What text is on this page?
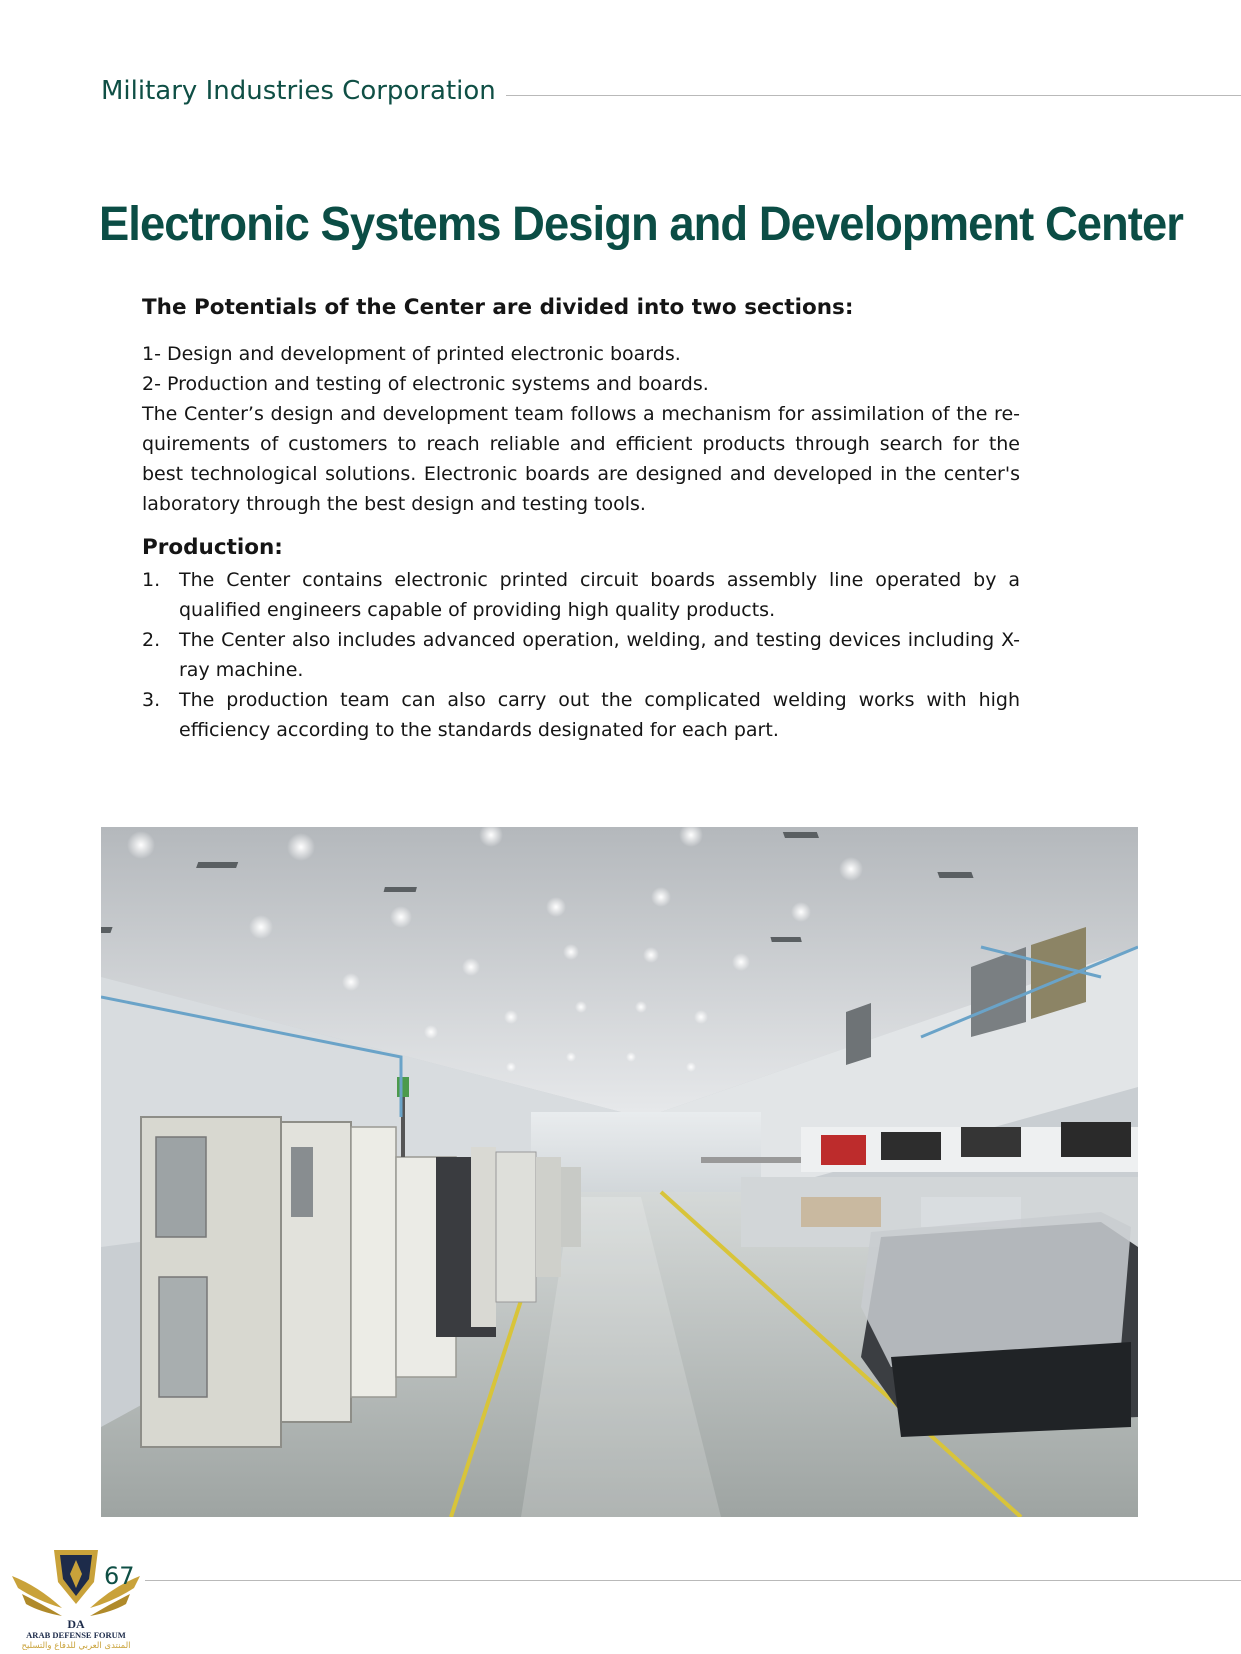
Military Industries Corporation
Electronic Systems Design and Development Center

The Potentials of the Center are divided into two sections:

1- Design and development of printed electronic boards.

2- Production and testing of electronic systems and boards.

The Center’s design and development team follows a mechanism for assimilation of the requirements of customers to reach reliable and efficient products through search for the best technological solutions. Electronic boards are designed and developed in the center's laboratory through the best design and testing tools.

Production:

1. The Center contains electronic printed circuit boards assembly line operated by a qualified engineers capable of providing high quality products.
2. The Center also includes advanced operation, welding, and testing devices including X-ray machine.
3. The production team can also carry out the complicated welding works with high efficiency according to the standards designated for each part.
DA
ARAB DEFENSE FORUM
المنتدى العربي للدفاع والتسليح
67
